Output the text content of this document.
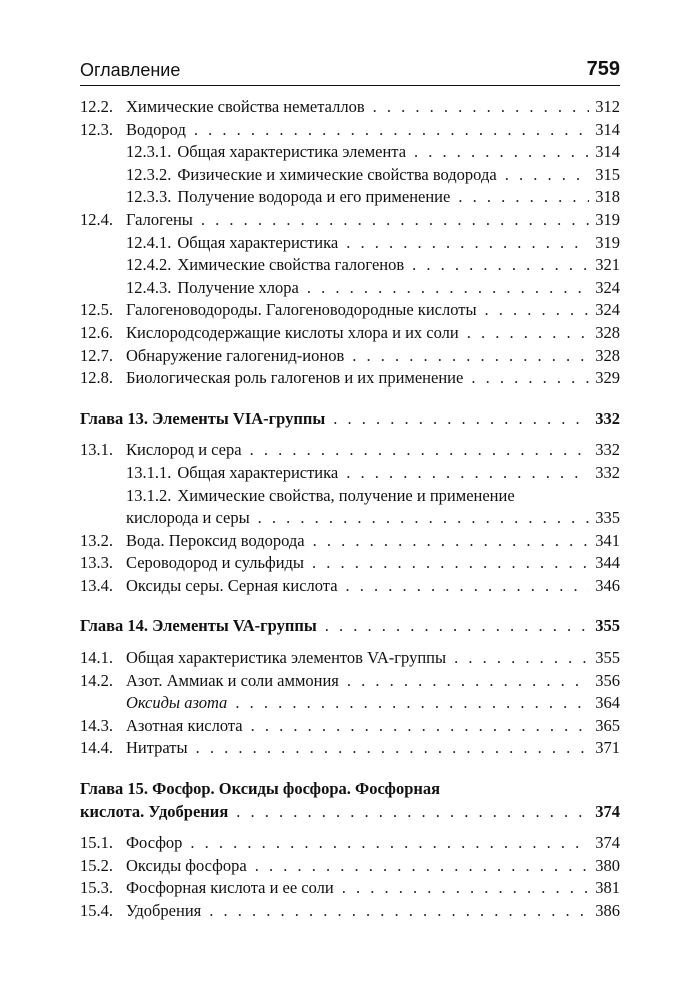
Оглавление	759
12.2. Химические свойства неметаллов . . .	312
12.3. Водород . . .	314
12.3.1. Общая характеристика элемента . . .	314
12.3.2. Физические и химические свойства водорода . . .	315
12.3.3. Получение водорода и его применение . . .	318
12.4. Галогены . . .	319
12.4.1. Общая характеристика . . .	319
12.4.2. Химические свойства галогенов . . .	321
12.4.3. Получение хлора . . .	324
12.5. Галогеноводороды. Галогеноводородные кислоты . . .	324
12.6. Кислородсодержащие кислоты хлора и их соли . . .	328
12.7. Обнаружение галогенид-ионов . . .	328
12.8. Биологическая роль галогенов и их применение . . .	329
Глава 13. Элементы VIA-группы . . .	332
13.1. Кислород и сера . . .	332
13.1.1. Общая характеристика . . .	332
13.1.2. Химические свойства, получение и применение
кислорода и серы . . .	335
13.2. Вода. Пероксид водорода . . .	341
13.3. Сероводород и сульфиды . . .	344
13.4. Оксиды серы. Серная кислота . . .	346
Глава 14. Элементы VA-группы . . .	355
14.1. Общая характеристика элементов VA-группы . . .	355
14.2. Азот. Аммиак и соли аммония . . .	356
Оксиды азота . . .	364
14.3. Азотная кислота . . .	365
14.4. Нитраты . . .	371
Глава 15. Фосфор. Оксиды фосфора. Фосфорная
кислота. Удобрения . . .	374
15.1. Фосфор . . .	374
15.2. Оксиды фосфора . . .	380
15.3. Фосфорная кислота и ее соли . . .	381
15.4. Удобрения . . .	386
